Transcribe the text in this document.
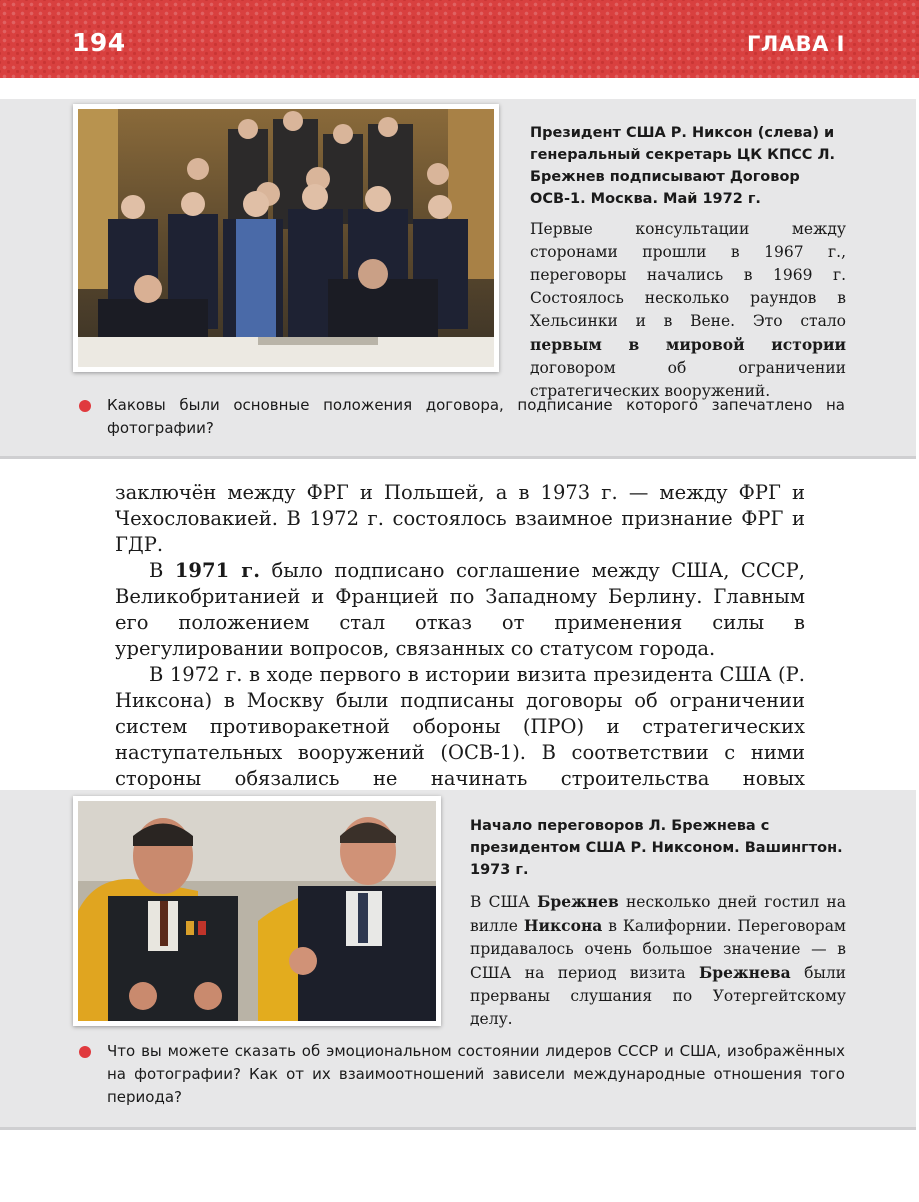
194	ГЛАВА I
Президент США Р. Никсон (слева) и генеральный секретарь ЦК КПСС Л. Брежнев подписывают Договор ОСВ-1. Москва. Май 1972 г.
Первые консультации между сторонами прошли в 1967 г., переговоры начались в 1969 г. Состоялось несколько раундов в Хельсинки и в Вене. Это стало первым в мировой истории договором об ограничении стратегических вооружений.
Каковы были основные положения договора, подписание которого запечатлено на фотографии?

заключён между ФРГ и Польшей, а в 1973 г. — между ФРГ и Чехословакией. В 1972 г. состоялось взаимное признание ФРГ и ГДР.

В 1971 г. было подписано соглашение между США, СССР, Великобританией и Францией по Западному Берлину. Главным его положением стал отказ от применения силы в урегулировании вопросов, связанных со статусом города.

В 1972 г. в ходе первого в истории визита президента США (Р. Никсона) в Москву были подписаны договоры об ограничении систем противоракетной обороны (ПРО) и стратегических наступательных вооружений (ОСВ-1). В соответствии с ними стороны обязались не начинать строительства новых

Начало переговоров Л. Брежнева с президентом США Р. Никсоном. Вашингтон. 1973 г.
В США Брежнев несколько дней гостил на вилле Никсона в Калифорнии. Переговорам придавалось очень большое значение — в США на период визита Брежнева были прерваны слушания по Уотергейтскому делу.
Что вы можете сказать об эмоциональном состоянии лидеров СССР и США, изображённых на фотографии? Как от их взаимоотношений зависели международные отношения того периода?
